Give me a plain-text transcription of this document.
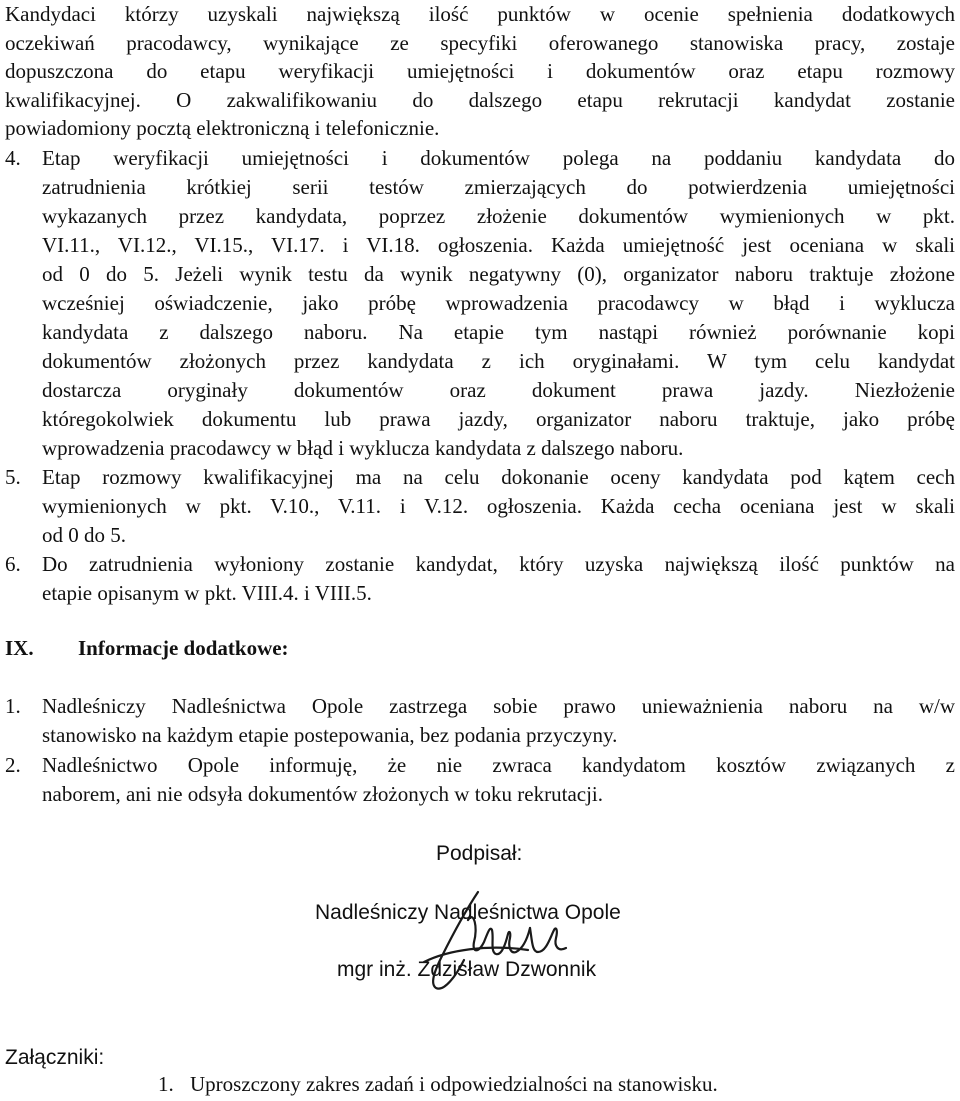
Kandydaci którzy uzyskali największą ilość punktów w ocenie spełnienia dodatkowych
oczekiwań pracodawcy, wynikające ze specyfiki oferowanego stanowiska pracy, zostaje
dopuszczona do etapu weryfikacji umiejętności i dokumentów oraz etapu rozmowy
kwalifikacyjnej. O zakwalifikowaniu do dalszego etapu rekrutacji kandydat zostanie
powiadomiony pocztą elektroniczną i telefonicznie.
4. Etap weryfikacji umiejętności i dokumentów polega na poddaniu kandydata do
zatrudnienia krótkiej serii testów zmierzających do potwierdzenia umiejętności
wykazanych przez kandydata, poprzez złożenie dokumentów wymienionych w pkt.
VI.11., VI.12., VI.15., VI.17. i VI.18. ogłoszenia. Każda umiejętność jest oceniana w skali
od 0 do 5. Jeżeli wynik testu da wynik negatywny (0), organizator naboru traktuje złożone
wcześniej oświadczenie, jako próbę wprowadzenia pracodawcy w błąd i wyklucza
kandydata z dalszego naboru. Na etapie tym nastąpi również porównanie kopi
dokumentów złożonych przez kandydata z ich oryginałami. W tym celu kandydat
dostarcza oryginały dokumentów oraz dokument prawa jazdy. Niezłożenie
któregokolwiek dokumentu lub prawa jazdy, organizator naboru traktuje, jako próbę
wprowadzenia pracodawcy w błąd i wyklucza kandydata z dalszego naboru.
5. Etap rozmowy kwalifikacyjnej ma na celu dokonanie oceny kandydata pod kątem cech
wymienionych w pkt. V.10., V.11. i V.12. ogłoszenia. Każda cecha oceniana jest w skali
od 0 do 5.
6. Do zatrudnienia wyłoniony zostanie kandydat, który uzyska największą ilość punktów na
etapie opisanym w pkt. VIII.4. i VIII.5.
IX. Informacje dodatkowe:
1. Nadleśniczy Nadleśnictwa Opole zastrzega sobie prawo unieważnienia naboru na w/w
stanowisko na każdym etapie postepowania, bez podania przyczyny.
2. Nadleśnictwo Opole informuję, że nie zwraca kandydatom kosztów związanych z
naborem, ani nie odsyła dokumentów złożonych w toku rekrutacji.
Podpisał:
Nadleśniczy Nadleśnictwa Opole
mgr inż. Zdzisław Dzwonnik
Załączniki:
1. Uproszczony zakres zadań i odpowiedzialności na stanowisku.
